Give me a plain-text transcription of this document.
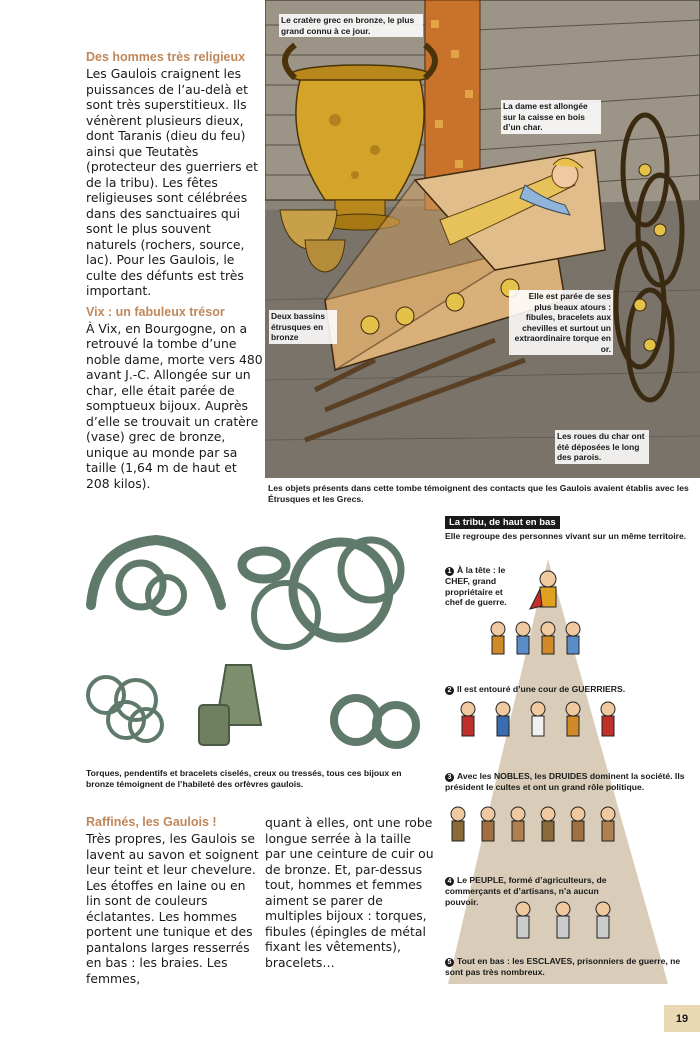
Des hommes très religieux

Les Gaulois craignent les puissances de l’au-delà et sont très superstitieux. Ils vénèrent plusieurs dieux, dont Taranis (dieu du feu) ainsi que Teutatès (protecteur des guerriers et de la tribu). Les fêtes religieuses sont célébrées dans des sanctuaires qui sont le plus souvent naturels (rochers, source, lac). Pour les Gaulois, le culte des défunts est très important.

Vix : un fabuleux trésor

À Vix, en Bourgogne, on a retrouvé la tombe d’une noble dame, morte vers 480 avant J.-C. Allongée sur un char, elle était parée de somptueux bijoux. Auprès d’elle se trouvait un cratère (vase) grec de bronze, unique au monde par sa taille (1,64 m de haut et 208 kilos).

Le cratère grec en bronze, le plus grand connu à ce jour.
La dame est allongée sur la caisse en bois d’un char.
Deux bassins étrusques en bronze
Elle est parée de ses plus beaux atours : fibules, bracelets aux chevilles et surtout un extraordinaire torque en or.
Les roues du char ont été déposées le long des parois.
Les objets présents dans cette tombe témoignent des contacts que les Gaulois avaient établis avec les Étrusques et les Grecs.
Torques, pendentifs et bracelets ciselés, creux ou tressés, tous ces bijoux en bronze témoignent de l’habileté des orfèvres gaulois.

Raffinés, les Gaulois !

Très propres, les Gaulois se lavent au savon et soignent leur teint et leur chevelure. Les étoffes en laine ou en lin sont de couleurs éclatantes. Les hommes portent une tunique et des pantalons larges resserrés en bas : les braies. Les femmes,

quant à elles, ont une robe longue serrée à la taille par une ceinture de cuir ou de bronze. Et, par-dessus tout, hommes et femmes aiment se parer de multiples bijoux : torques, fibules (épingles de métal fixant les vêtements), bracelets…

La tribu, de haut en bas
Elle regroupe des personnes vivant sur un même territoire.
1 À la tête : le CHEF, grand propriétaire et chef de guerre.
2 Il est entouré d’une cour de GUERRIERS.
3 Avec les NOBLES, les DRUIDES dominent la société. Ils président le cultes et ont un grand rôle politique.
4 Le PEUPLE, formé d’agriculteurs, de commerçants et d’artisans, n’a aucun pouvoir.
5 Tout en bas : les ESCLAVES, prisonniers de guerre, ne sont pas très nombreux.
19
